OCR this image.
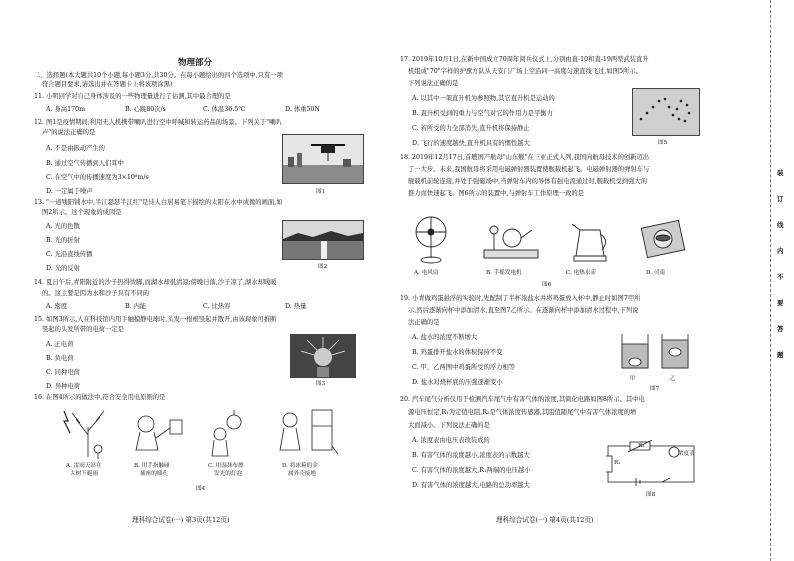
物理部分
二、选择题(本大题共10个小题,每小题3分,共30分。在每小题给出的四个选项中,只有一项
符合题目要求,请选出并在答题卡上将该项涂黑)
11. 小明同学对自己身体涉及的一些物理量进行了估测,其中最合理的是
A. 身高170m	B. 心跳80次/s	C. 体温36.5℃	D. 体重50N
12. 图1是疫情期间,利用无人机携带喇叭进行空中呼喊和转运药品的场景。下列关于"喇叭
声"的说法正确的是
A. 不是由振动产生的
B. 通过空气传播到人们耳中
C. 在空气中的传播速度为3×10⁸m/s
D. 一定属于噪声	图1
13. "一道残阳铺水中,半江瑟瑟半江红"是诗人白居易笔下描绘的太阳在水中成像的画面,如
图2所示。这个现象的成因是
A. 光的色散
B. 光的折射
C. 光沿直线传播
D. 光的反射	图2
14. 夏日午后,青阳附近的沙子热得烫脚,而湖水却很清凉;傍晚日落,沙子凉了,湖水却暖暖
的。这主要是因为水和沙子具有不同的
A. 密度	B. 内能	C. 比热容	D. 热量
15. 如图3所示,人在科技馆内用手触摸静电球时,头发一根根竖起并散开,由该现象可推断
竖起的头发所带的电荷一定是
A. 正电荷
B. 负电荷
C. 同种电荷
D. 异种电荷	图3
16. 在图4所示的做法中,符合安全用电原则的是
A. 雷雨天站在
大树下避雨
B. 用手指触碰
插座的插孔
C. 用湿抹布擦
发光的灯泡
D. 将冰箱的金
属外壳接地
图4
理科综合试卷(一) 第3页(共12页)
17. 2019年10月1日,在新中国成立70周年阅兵仪式上,分别由直-10和直-19两型武装直升
机组成"70"字样的护旗方队从天安门广场上空沿同一高度匀速直线飞过,如图5所示。
下列说法正确的是
A. 以其中一架直升机为参照物,其它直升机是运动的
B. 直升机受到的重力与空气对它的作用力是平衡力
C. 若所受的力全部消失,直升机将保持静止
D. 飞行的速度越快,直升机具有的惯性越大	图5
18. 2019年12月17日,首艘国产航母"山东舰"在三亚正式入列,我国向航母技术的创新迈出
了一大步。未来,我国航母将采用电磁弹射器装置使舰载机起飞。电磁弹射器的弹射车与
舰载机前轮连接,并处于强磁场中,当弹射车内的导体有强电流通过时,舰载机受到强大的
推力而快速起飞。图6所示的装置中,与弹射车工作原理一致的是
A. 电风扇	B. 手摇发电机	C. 电热水壶	D. 司南
图6
19. 小青做鸡蛋悬浮的实验时,先配制了半杯浓盐水并将鸡蛋放入杯中,静止时如图7甲所
示,然后逐渐向杯中添加清水,直至图7乙所示。在逐渐向杯中添加清水过程中,下列说
法正确的是
A. 盐水的浓度不断增大
B. 鸡蛋排开盐水的体积保持不变
C. 甲、乙两图中鸡蛋所受的浮力相等
D. 盐水对烧杯底的压强逐渐变小	甲	乙
图7
20. 汽车尾气分析仪用于检测汽车尾气中有害气体的浓度,其简化电路如图8所示。其中电
源电压恒定,R₁为定值电阻,R₂是气体浓度传感器,其阻值随尾气中有害气体浓度的增
大而减小。下列说法正确的是
A. 浓度表由电压表改装成的
B. 有害气体的浓度越小,浓度表的示数越大
C. 有害气体的浓度越大,R₁两端的电压越小
D. 有害气体的浓度越大,电路的总功率越大
R₂
R₁
浓度表
图8
理科综合试卷(一) 第4页(共12页)
装
订
线
内
不
要
答
题
